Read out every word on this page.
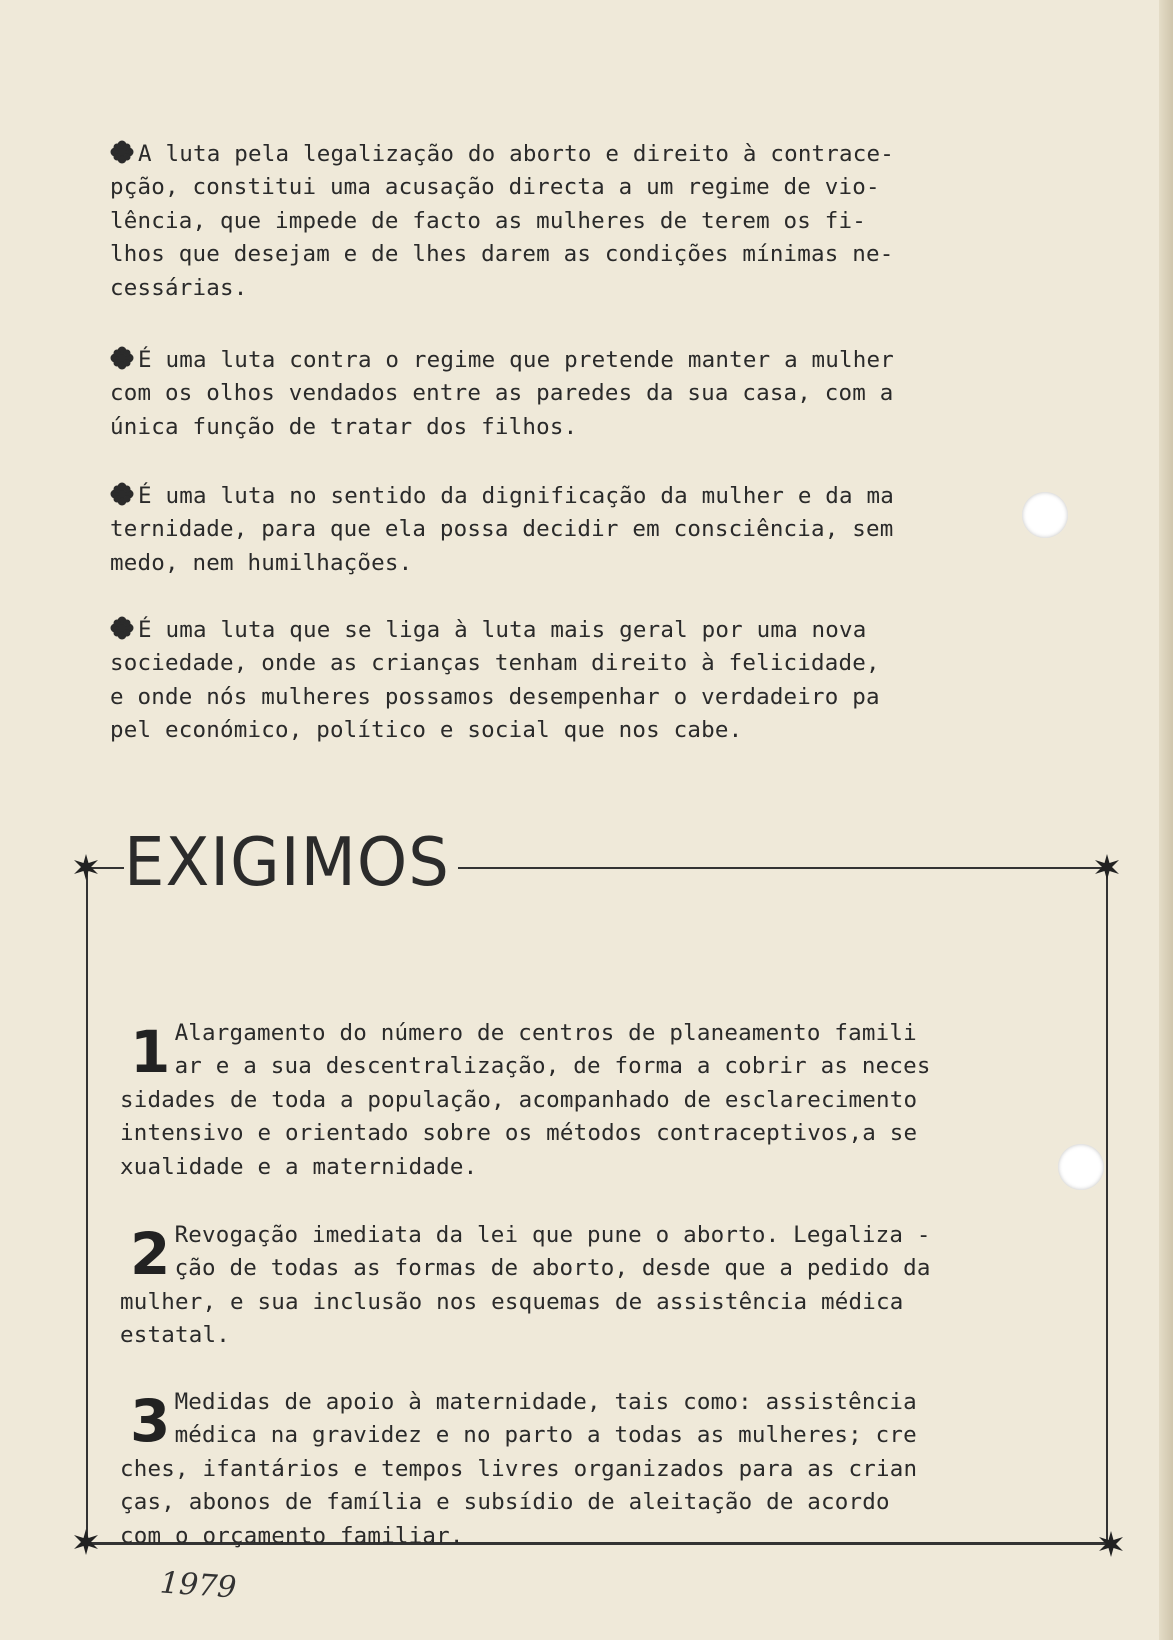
A luta pela legalização do aborto e direito à contrace-
pção, constitui uma acusação directa a um regime de vio-
lência, que impede de facto as mulheres de terem os fi-
lhos que desejam e de lhes darem as condições mínimas ne-
cessárias.

É uma luta contra o regime que pretende manter a mulher
com os olhos vendados entre as paredes da sua casa, com a
única função de tratar dos filhos.

É uma luta no sentido da dignificação da mulher e da ma
ternidade, para que ela possa decidir em consciência, sem
medo, nem humilhações.

É uma luta que se liga à luta mais geral por uma nova
sociedade, onde as crianças tenham direito à felicidade,
e onde nós mulheres possamos desempenhar o verdadeiro pa
pel económico, político e social que nos cabe.

EXIGIMOS

1 Alargamento do número de centros de planeamento famili
ar e a sua descentralização, de forma a cobrir as neces
sidades de toda a população, acompanhado de esclarecimento
intensivo e orientado sobre os métodos contraceptivos,a se
xualidade e a maternidade.

2 Revogação imediata da lei que pune o aborto. Legaliza -
ção de todas as formas de aborto, desde que a pedido da
mulher, e sua inclusão nos esquemas de assistência médica
estatal.

3 Medidas de apoio à maternidade, tais como: assistência
médica na gravidez e no parto a todas as mulheres; cre
ches, ifantários e tempos livres organizados para as crian
ças, abonos de família e subsídio de aleitação de acordo
com o orçamento familiar.

1979
